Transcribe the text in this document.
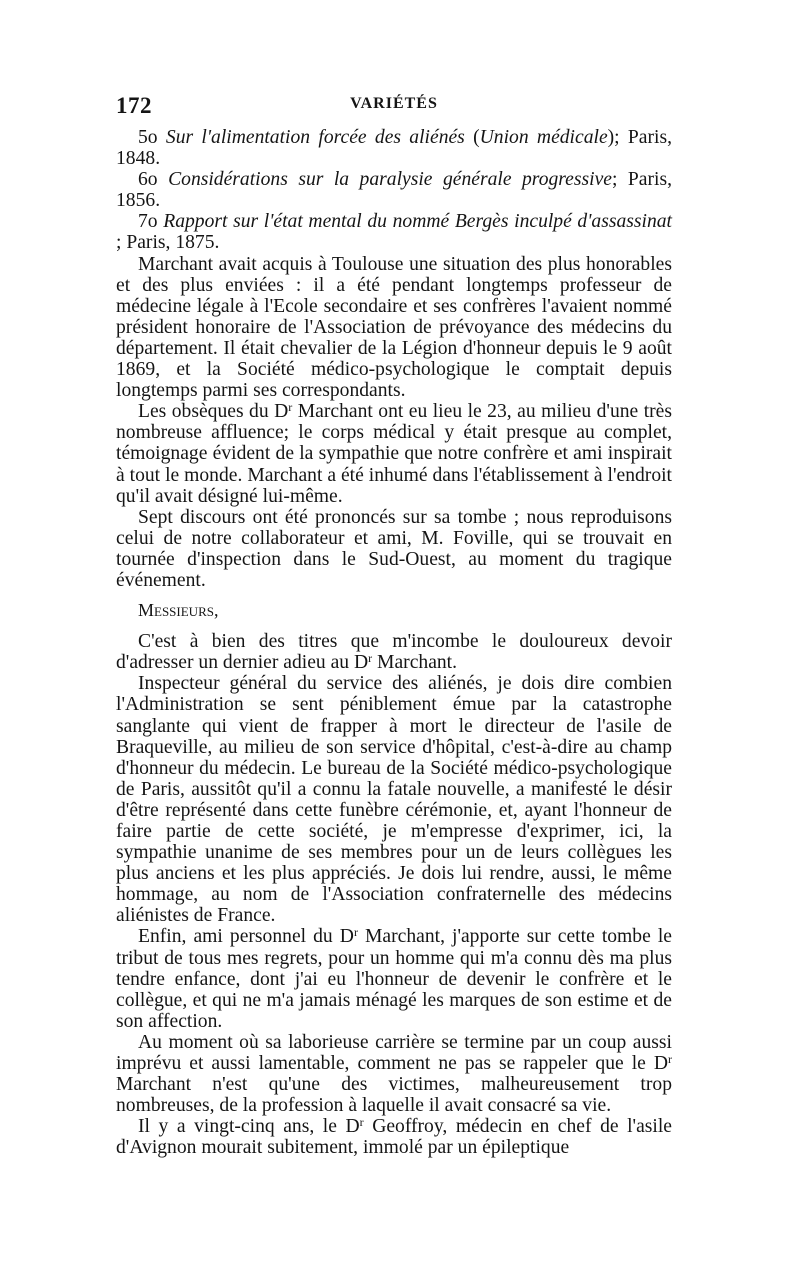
172	VARIÉTÉS

5o Sur l'alimentation forcée des aliénés (Union médicale); Paris, 1848.

6o Considérations sur la paralysie générale progressive; Paris, 1856.

7o Rapport sur l'état mental du nommé Bergès inculpé d'assassinat ; Paris, 1875.

Marchant avait acquis à Toulouse une situation des plus honorables et des plus enviées : il a été pendant longtemps professeur de médecine légale à l'Ecole secondaire et ses confrères l'avaient nommé président honoraire de l'Association de prévoyance des médecins du département. Il était chevalier de la Légion d'honneur depuis le 9 août 1869, et la Société médico-psychologique le comptait depuis longtemps parmi ses correspondants.

Les obsèques du $D^r$ Marchant ont eu lieu le 23, au milieu d'une très nombreuse affluence; le corps médical y était presque au complet, témoignage évident de la sympathie que notre confrère et ami inspirait à tout le monde. Marchant a été inhumé dans l'établissement à l'endroit qu'il avait désigné lui-même.

Sept discours ont été prononcés sur sa tombe ; nous reproduisons celui de notre collaborateur et ami, M. Foville, qui se trouvait en tournée d'inspection dans le Sud-Ouest, au moment du tragique événement.

Messieurs,

C'est à bien des titres que m'incombe le douloureux devoir d'adresser un dernier adieu au $D^r$ Marchant.

Inspecteur général du service des aliénés, je dois dire combien l'Administration se sent péniblement émue par la catastrophe sanglante qui vient de frapper à mort le directeur de l'asile de Braqueville, au milieu de son service d'hôpital, c'est-à-dire au champ d'honneur du médecin. Le bureau de la Société médico-psychologique de Paris, aussitôt qu'il a connu la fatale nouvelle, a manifesté le désir d'être représenté dans cette funèbre cérémonie, et, ayant l'honneur de faire partie de cette société, je m'empresse d'exprimer, ici, la sympathie unanime de ses membres pour un de leurs collègues les plus anciens et les plus appréciés. Je dois lui rendre, aussi, le même hommage, au nom de l'Association confraternelle des médecins aliénistes de France.

Enfin, ami personnel du $D^r$ Marchant, j'apporte sur cette tombe le tribut de tous mes regrets, pour un homme qui m'a connu dès ma plus tendre enfance, dont j'ai eu l'honneur de devenir le confrère et le collègue, et qui ne m'a jamais ménagé les marques de son estime et de son affection.

Au moment où sa laborieuse carrière se termine par un coup aussi imprévu et aussi lamentable, comment ne pas se rappeler que le $D^r$ Marchant n'est qu'une des victimes, malheureusement trop nombreuses, de la profession à laquelle il avait consacré sa vie.

Il y a vingt-cinq ans, le $D^r$ Geoffroy, médecin en chef de l'asile d'Avignon mourait subitement, immolé par un épileptique
